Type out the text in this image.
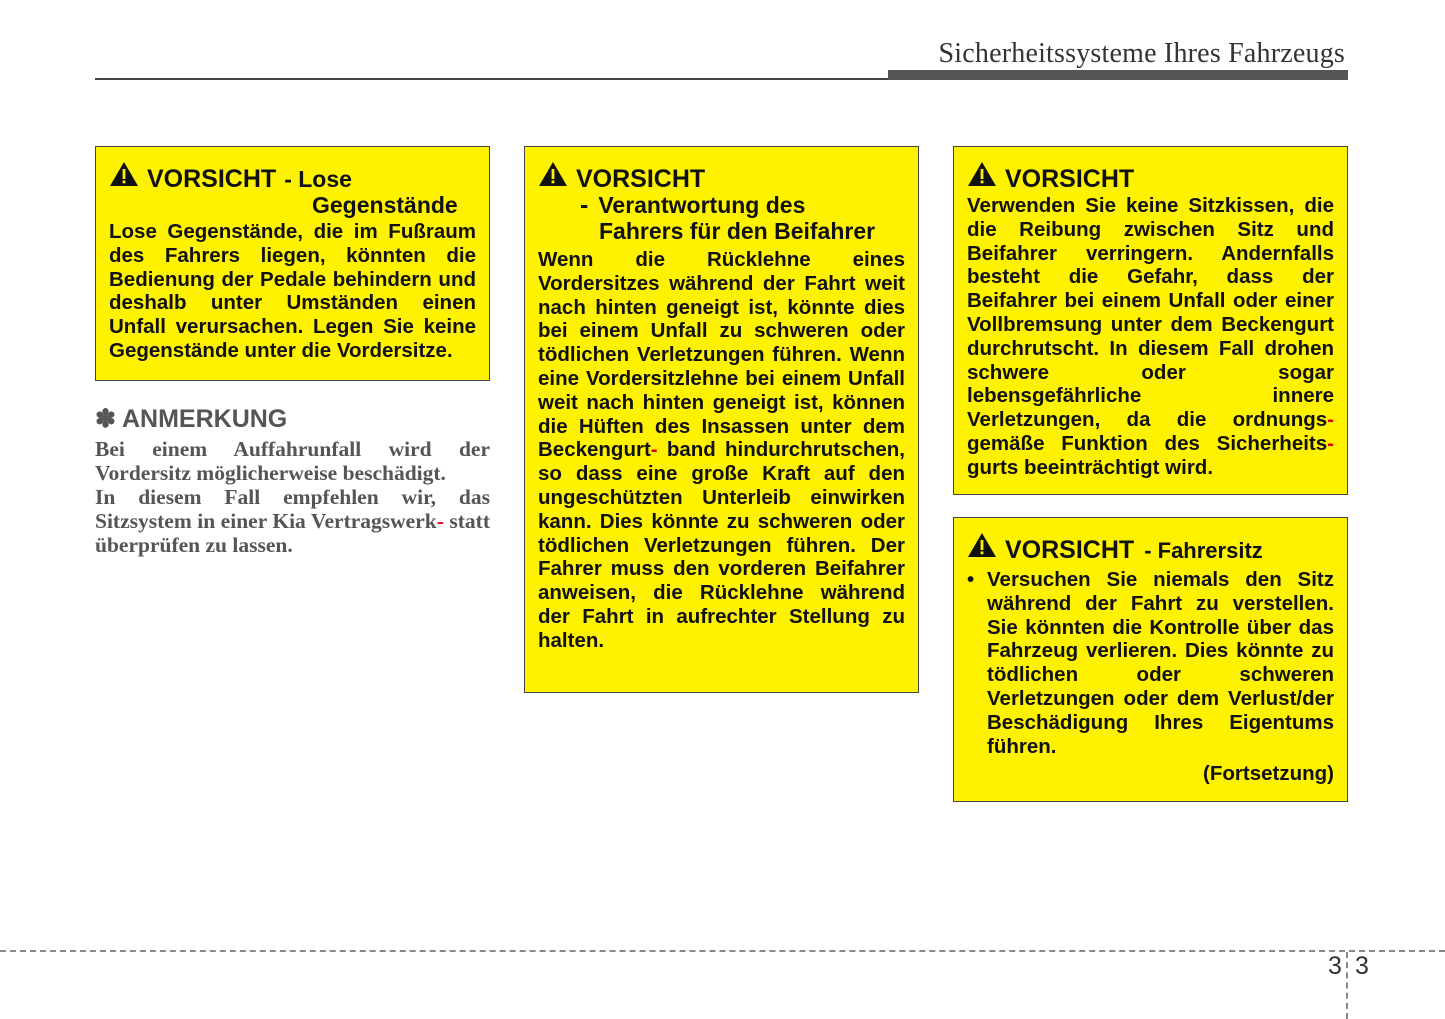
Sicherheitssysteme Ihres Fahrzeugs
VORSICHT - Lose
Gegenstände
Lose Gegenstände, die im Fußraum des Fahrers liegen, könnten die Bedienung der Pedale behindern und deshalb unter Umständen einen Unfall verursachen. Legen Sie keine Gegenstände unter die Vordersitze.
✽ ANMERKUNG
Bei einem Auffahrunfall wird der Vordersitz möglicherweise beschädigt.
In diesem Fall empfehlen wir, das Sitzsystem in einer Kia Vertragswerk- statt überprüfen zu lassen.
VORSICHT
- Verantwortung des
Fahrers für den Beifahrer
Wenn die Rücklehne eines Vordersitzes während der Fahrt weit nach hinten geneigt ist, könnte dies bei einem Unfall zu schweren oder tödlichen Verletzungen führen. Wenn eine Vordersitzlehne bei einem Unfall weit nach hinten geneigt ist, können die Hüften des Insassen unter dem Beckengurt- band hindurchrutschen, so dass eine große Kraft auf den ungeschützten Unterleib einwirken kann. Dies könnte zu schweren oder tödlichen Verletzungen führen. Der Fahrer muss den vorderen Beifahrer anweisen, die Rücklehne während der Fahrt in aufrechter Stellung zu halten.
VORSICHT
Verwenden Sie keine Sitzkissen, die die Reibung zwischen Sitz und Beifahrer verringern. Andernfalls besteht die Gefahr, dass der Beifahrer bei einem Unfall oder einer Vollbremsung unter dem Beckengurt durchrutscht. In diesem Fall drohen schwere oder sogar lebensgefährliche innere Verletzungen, da die ordnungs- gemäße Funktion des Sicherheits- gurts beeinträchtigt wird.
VORSICHT - Fahrersitz
• Versuchen Sie niemals den Sitz während der Fahrt zu verstellen. Sie könnten die Kontrolle über das Fahrzeug verlieren. Dies könnte zu tödlichen oder schweren Verletzungen oder dem Verlust/der Beschädigung Ihres Eigentums führen.
(Fortsetzung)
3 3
